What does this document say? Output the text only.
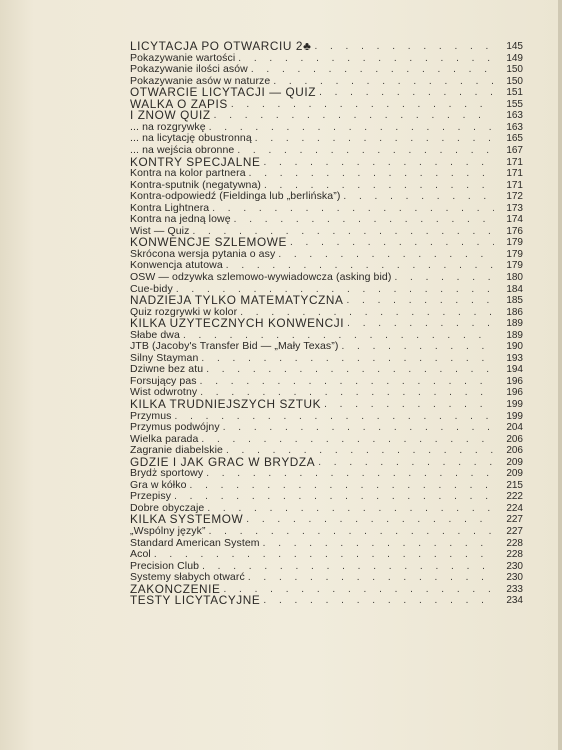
LICYTACJA PO OTWARCIU 2♣
. . .
Pokazywanie wartości
. . .
Pokazywanie ilości asów
. . .
Pokazywanie asów w naturze
. . .
OTWARCIE LICYTACJI — QUIZ
. . .
WALKA O ZAPIS
. . .
I ZNÓW QUIZ
. . .
... na rozgrywkę
. . .
... na licytację obustronną
. . .
... na wejścia obronne
. . .
KONTRY SPECJALNE
. . .
Kontra na kolor partnera
. . .
Kontra-sputnik (negatywna)
. . .
Kontra-odpowiedź (Fieldinga lub „berlińska”)
. . .
Kontra Lightnera
. . .
Kontra na jedną lowę
. . .
Wist — Quiz
. . .
KONWENCJE SZLEMOWE
. . .
Skrócona wersja pytania o asy
. . .
Konwencja atutowa
. . .
OSW — odzywka szlemowo-wywiadowcza (asking bid)
. . .
Cue-bidy
. . .
NADZIEJA TYLKO MATEMATYCZNA
. . .
Quiz rozgrywki w kolor
. . .
KILKA UŻYTECZNYCH KONWENCJI
. . .
Słabe dwa
. . .
JTB (Jacoby's Transfer Bid — „Mały Texas”)
. . .
Silny Stayman
. . .
Dziwne bez atu
. . .
Forsujący pas
. . .
Wist odwrotny
. . .
KILKA TRUDNIEJSZYCH SZTUK
. . .
Przymus
. . .
Przymus podwójny
. . .
Wielka parada
. . .
Zagranie diabelskie
. . .
GDZIE I JAK GRAĆ W BRYDŻA
. . .
Brydż sportowy
. . .
Gra w kółko
. . .
Przepisy
. . .
Dobre obyczaje
. . .
KILKA SYSTEMÓW
. . .
„Wspólny język”
. . .
Standard American System
. . .
Acol
. . .
Precision Club
. . .
Systemy słabych otwarć
. . .
ZAKOŃCZENIE
. . .
TESTY LICYTACYJNE
. . .
145
149
150
150
151
155
163
163
165
167
171
171
171
172
173
174
176
179
179
179
180
184
185
186
189
189
190
193
194
196
196
199
199
204
206
206
209
209
215
222
224
227
227
228
228
230
230
233
234
